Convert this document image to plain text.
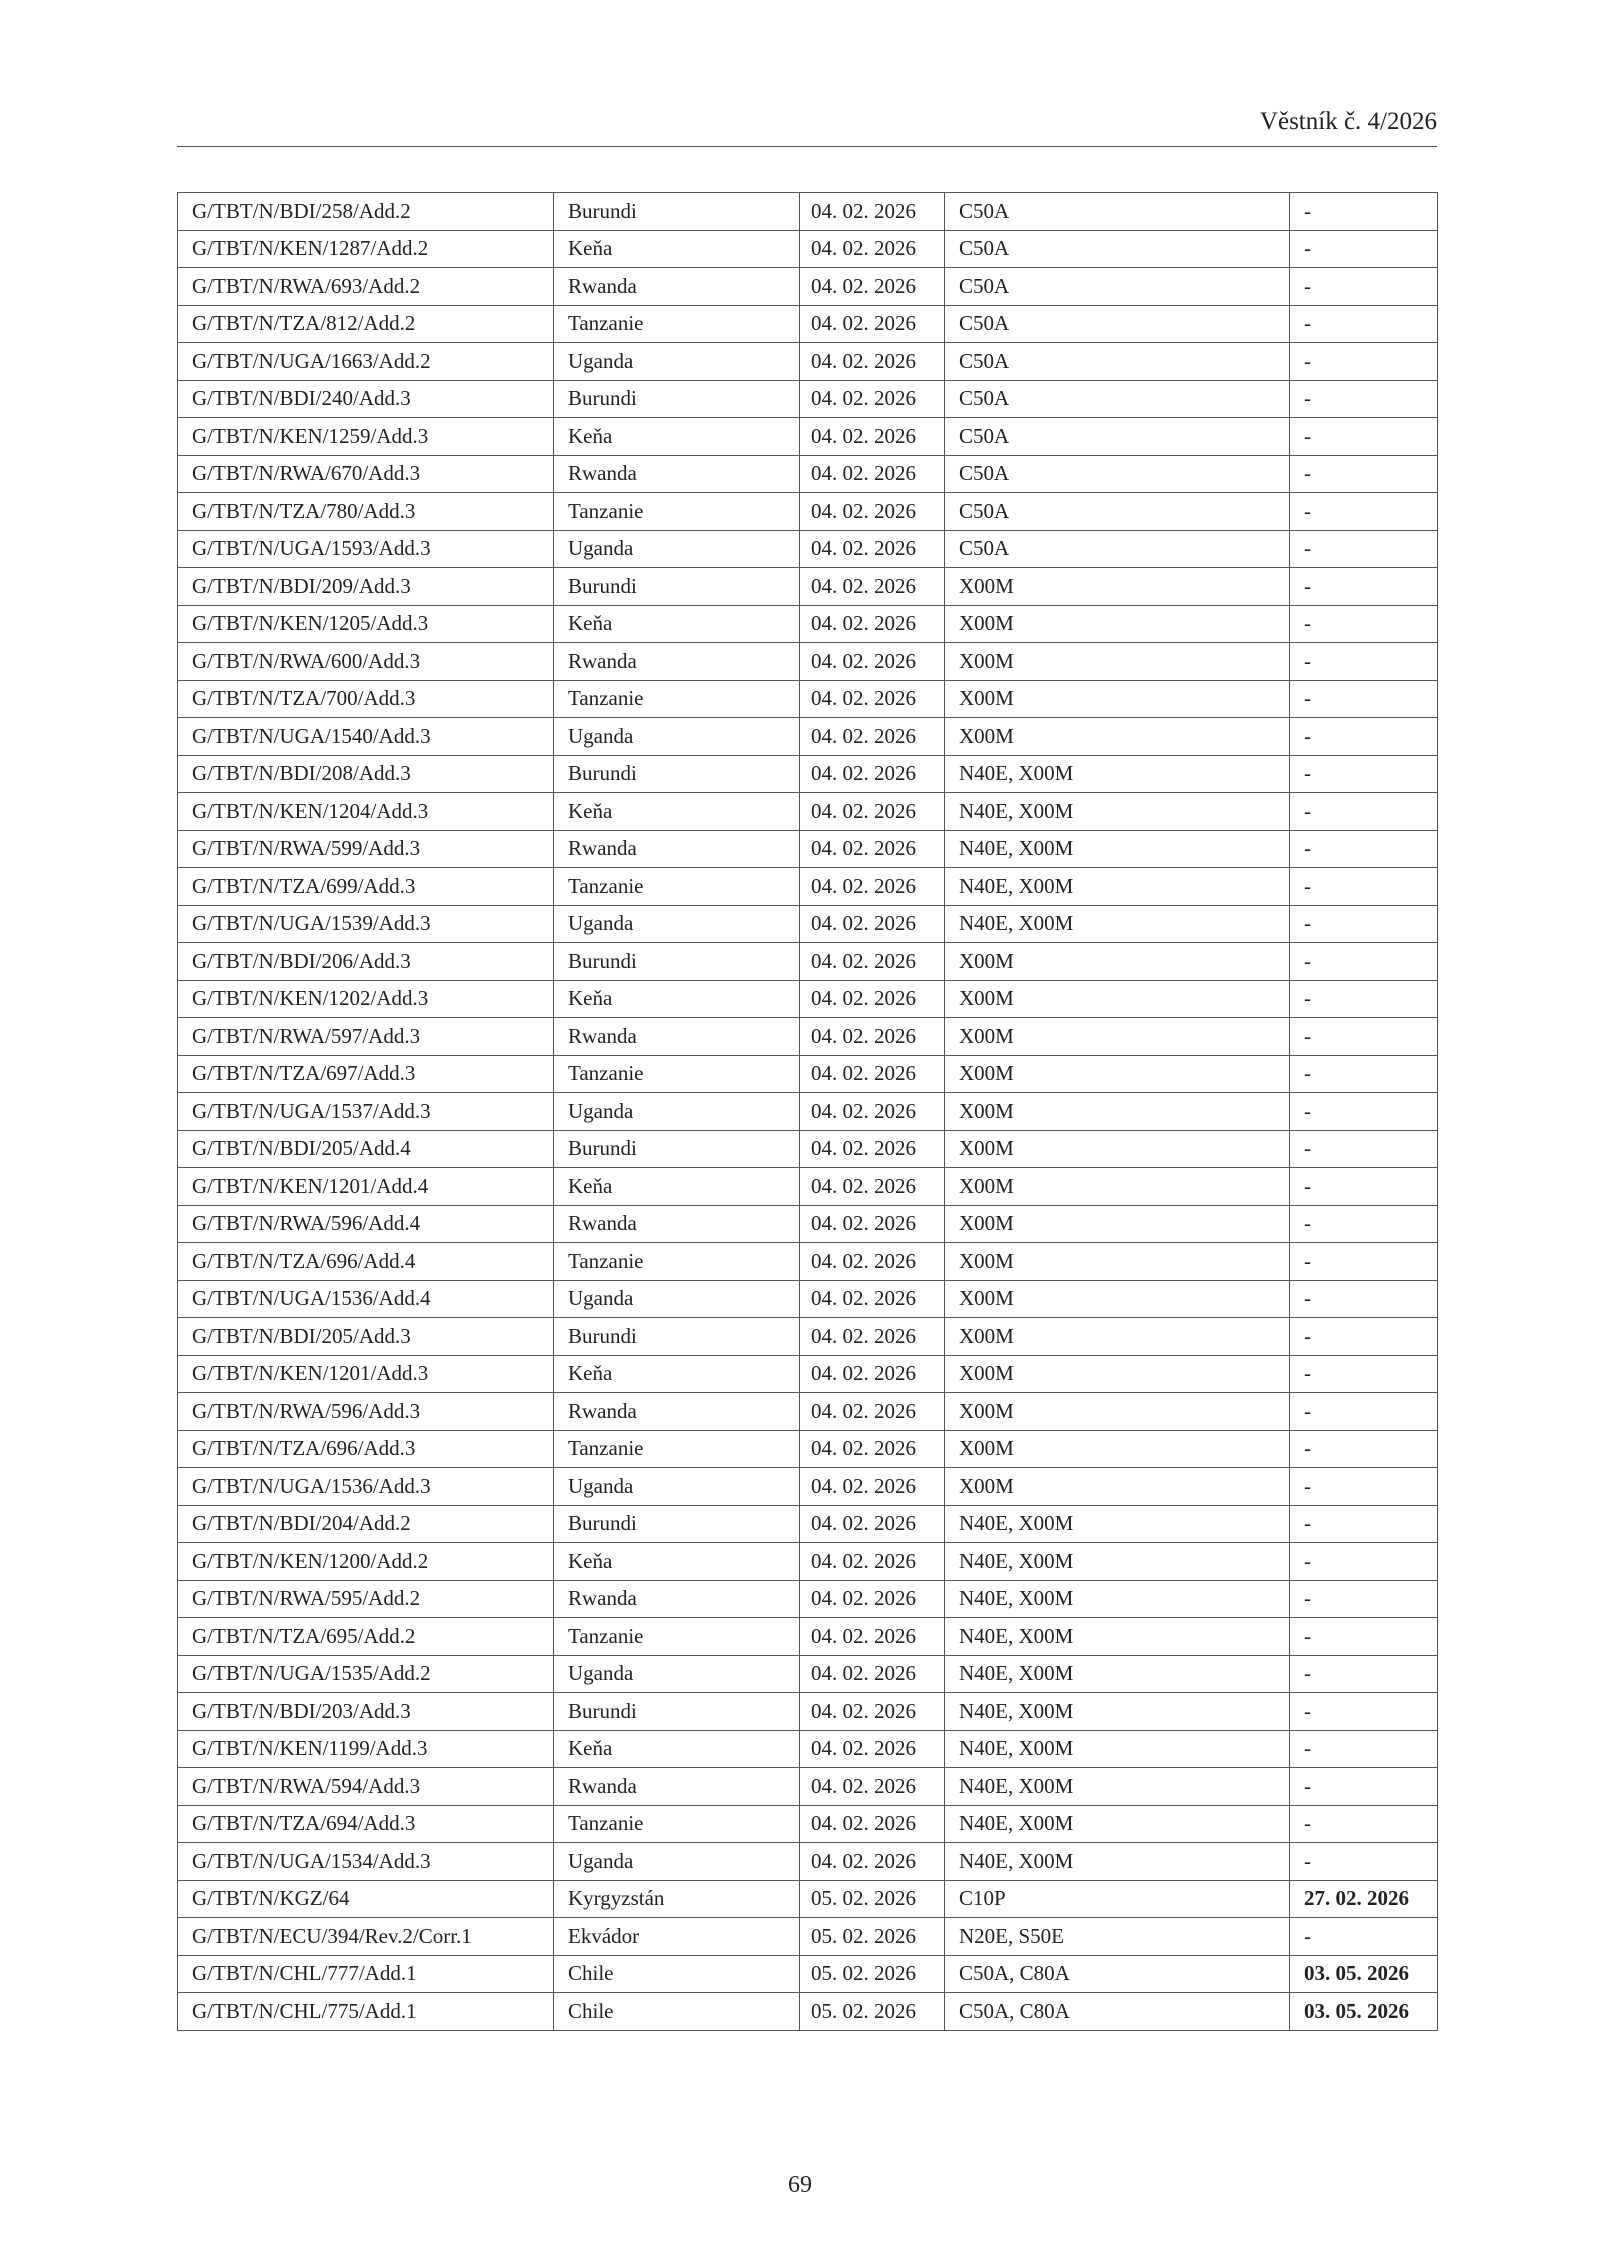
Věstník č. 4/2026
G/TBT/N/BDI/258/Add.2	Burundi	04. 02. 2026	C50A	-
G/TBT/N/KEN/1287/Add.2	Keňa	04. 02. 2026	C50A	-
G/TBT/N/RWA/693/Add.2	Rwanda	04. 02. 2026	C50A	-
G/TBT/N/TZA/812/Add.2	Tanzanie	04. 02. 2026	C50A	-
G/TBT/N/UGA/1663/Add.2	Uganda	04. 02. 2026	C50A	-
G/TBT/N/BDI/240/Add.3	Burundi	04. 02. 2026	C50A	-
G/TBT/N/KEN/1259/Add.3	Keňa	04. 02. 2026	C50A	-
G/TBT/N/RWA/670/Add.3	Rwanda	04. 02. 2026	C50A	-
G/TBT/N/TZA/780/Add.3	Tanzanie	04. 02. 2026	C50A	-
G/TBT/N/UGA/1593/Add.3	Uganda	04. 02. 2026	C50A	-
G/TBT/N/BDI/209/Add.3	Burundi	04. 02. 2026	X00M	-
G/TBT/N/KEN/1205/Add.3	Keňa	04. 02. 2026	X00M	-
G/TBT/N/RWA/600/Add.3	Rwanda	04. 02. 2026	X00M	-
G/TBT/N/TZA/700/Add.3	Tanzanie	04. 02. 2026	X00M	-
G/TBT/N/UGA/1540/Add.3	Uganda	04. 02. 2026	X00M	-
G/TBT/N/BDI/208/Add.3	Burundi	04. 02. 2026	N40E, X00M	-
G/TBT/N/KEN/1204/Add.3	Keňa	04. 02. 2026	N40E, X00M	-
G/TBT/N/RWA/599/Add.3	Rwanda	04. 02. 2026	N40E, X00M	-
G/TBT/N/TZA/699/Add.3	Tanzanie	04. 02. 2026	N40E, X00M	-
G/TBT/N/UGA/1539/Add.3	Uganda	04. 02. 2026	N40E, X00M	-
G/TBT/N/BDI/206/Add.3	Burundi	04. 02. 2026	X00M	-
G/TBT/N/KEN/1202/Add.3	Keňa	04. 02. 2026	X00M	-
G/TBT/N/RWA/597/Add.3	Rwanda	04. 02. 2026	X00M	-
G/TBT/N/TZA/697/Add.3	Tanzanie	04. 02. 2026	X00M	-
G/TBT/N/UGA/1537/Add.3	Uganda	04. 02. 2026	X00M	-
G/TBT/N/BDI/205/Add.4	Burundi	04. 02. 2026	X00M	-
G/TBT/N/KEN/1201/Add.4	Keňa	04. 02. 2026	X00M	-
G/TBT/N/RWA/596/Add.4	Rwanda	04. 02. 2026	X00M	-
G/TBT/N/TZA/696/Add.4	Tanzanie	04. 02. 2026	X00M	-
G/TBT/N/UGA/1536/Add.4	Uganda	04. 02. 2026	X00M	-
G/TBT/N/BDI/205/Add.3	Burundi	04. 02. 2026	X00M	-
G/TBT/N/KEN/1201/Add.3	Keňa	04. 02. 2026	X00M	-
G/TBT/N/RWA/596/Add.3	Rwanda	04. 02. 2026	X00M	-
G/TBT/N/TZA/696/Add.3	Tanzanie	04. 02. 2026	X00M	-
G/TBT/N/UGA/1536/Add.3	Uganda	04. 02. 2026	X00M	-
G/TBT/N/BDI/204/Add.2	Burundi	04. 02. 2026	N40E, X00M	-
G/TBT/N/KEN/1200/Add.2	Keňa	04. 02. 2026	N40E, X00M	-
G/TBT/N/RWA/595/Add.2	Rwanda	04. 02. 2026	N40E, X00M	-
G/TBT/N/TZA/695/Add.2	Tanzanie	04. 02. 2026	N40E, X00M	-
G/TBT/N/UGA/1535/Add.2	Uganda	04. 02. 2026	N40E, X00M	-
G/TBT/N/BDI/203/Add.3	Burundi	04. 02. 2026	N40E, X00M	-
G/TBT/N/KEN/1199/Add.3	Keňa	04. 02. 2026	N40E, X00M	-
G/TBT/N/RWA/594/Add.3	Rwanda	04. 02. 2026	N40E, X00M	-
G/TBT/N/TZA/694/Add.3	Tanzanie	04. 02. 2026	N40E, X00M	-
G/TBT/N/UGA/1534/Add.3	Uganda	04. 02. 2026	N40E, X00M	-
G/TBT/N/KGZ/64	Kyrgyzstán	05. 02. 2026	C10P	27. 02. 2026
G/TBT/N/ECU/394/Rev.2/Corr.1	Ekvádor	05. 02. 2026	N20E, S50E	-
G/TBT/N/CHL/777/Add.1	Chile	05. 02. 2026	C50A, C80A	03. 05. 2026
G/TBT/N/CHL/775/Add.1	Chile	05. 02. 2026	C50A, C80A	03. 05. 2026
69
